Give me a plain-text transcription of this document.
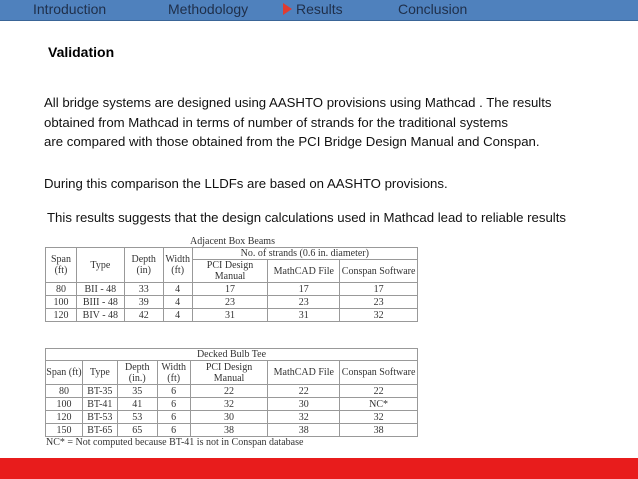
Introduction	Methodology	Results	Conclusion
Validation
All bridge systems are designed using AASHTO provisions using Mathcad . The results
obtained from Mathcad in terms of number of strands for the traditional systems
are compared with those obtained from the PCI Bridge Design Manual and Conspan.
During this comparison the LLDFs are based on AASHTO provisions.
This results suggests that the design calculations used in Mathcad lead to reliable results
Adjacent Box Beams
Span (ft)	Type	Depth (in)	Width (ft)	No. of strands (0.6 in. diameter)		
				PCI Design Manual	MathCAD File	Conspan Software
80	BII - 48	33	4	17	17	17
100	BIII - 48	39	4	23	23	23
120	BIV - 48	42	4	31	31	32
Decked Bulb Tee						
Span (ft)	Type	Depth (in.)	Width (ft)	PCI Design Manual	MathCAD File	Conspan Software
80	BT-35	35	6	22	22	22
100	BT-41	41	6	32	30	NC*
120	BT-53	53	6	30	32	32
150	BT-65	65	6	38	38	38
NC* = Not computed because BT-41 is not in Conspan database
